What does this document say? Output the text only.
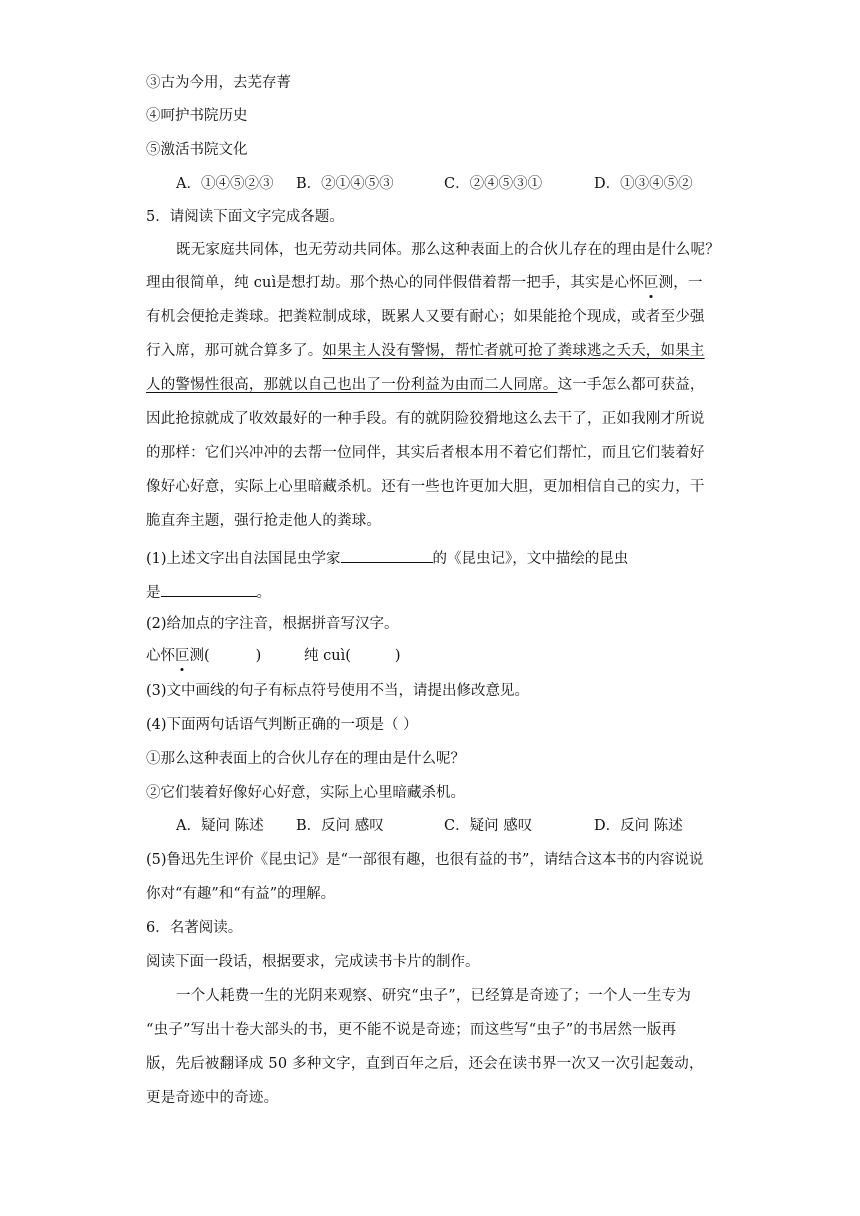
③古为今用，去芜存菁
④呵护书院历史
⑤激活书院文化
A．①④⑤②③ B．②①④⑤③	C．②④⑤③①	D．①③④⑤②
5．请阅读下面文字完成各题。
既无家庭共同体，也无劳动共同体。那么这种表面上的合伙儿存在的理由是什么呢？
理由很简单，纯 cuì是想打劫。那个热心的同伴假借着帮一把手，其实是心怀叵测，一
有机会便抢走粪球。把粪粒制成球，既累人又要有耐心；如果能抢个现成，或者至少强
行入席，那可就合算多了。如果主人没有警惕，帮忙者就可抢了粪球逃之夭夭，如果主
人的警惕性很高，那就以自己也出了一份利益为由而二人同席。这一手怎么都可获益，
因此抢掠就成了收效最好的一种手段。有的就阴险狡猾地这么去干了，正如我刚才所说
的那样：它们兴冲冲的去帮一位同伴，其实后者根本用不着它们帮忙，而且它们装着好
像好心好意，实际上心里暗藏杀机。还有一些也许更加大胆，更加相信自己的实力，干
脆直奔主题，强行抢走他人的粪球。
(1)上述文字出自法国昆虫学家	的《昆虫记》，文中描绘的昆虫
是	。
(2)给加点的字注音，根据拼音写汉字。
心怀叵测(	)	纯 cuì(	)
(3)文中画线的句子有标点符号使用不当，请提出修改意见。
(4)下面两句话语气判断正确的一项是（ ）
①那么这种表面上的合伙儿存在的理由是什么呢？
②它们装着好像好心好意，实际上心里暗藏杀机。
A．疑问 陈述 B．反问 感叹	C．疑问 感叹	D．反问 陈述
(5)鲁迅先生评价《昆虫记》是“一部很有趣，也很有益的书”，请结合这本书的内容说说
你对“有趣”和“有益”的理解。
6．名著阅读。
阅读下面一段话，根据要求，完成读书卡片的制作。
一个人耗费一生的光阴来观察、研究“虫子”，已经算是奇迹了；一个人一生专为
“虫子”写出十卷大部头的书，更不能不说是奇迹；而这些写“虫子”的书居然一版再
版，先后被翻译成 50 多种文字，直到百年之后，还会在读书界一次又一次引起轰动，
更是奇迹中的奇迹。
